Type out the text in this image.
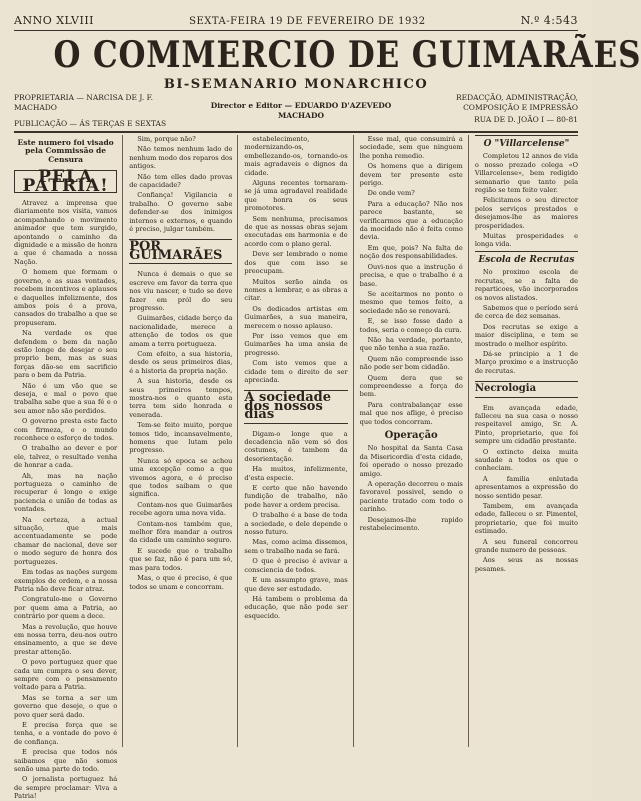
ANNO XLVIII	SEXTA-FEIRA 19 DE FEVEREIRO DE 1932	N.º 4:543
O COMMERCIO DE GUIMARÃES
BI-SEMANARIO MONARCHICO
PROPRIETARIA — NARCISA DE J. F. MACHADO
PUBLICAÇÃO — ÁS TERÇAS E SEXTAS
Director e Editor — EDUARDO D'AZEVEDO MACHADO
REDACÇÃO, ADMINISTRAÇÃO, COMPOSIÇÃO E IMPRESSÃO
RUA DE D. JOÃO I — 80-81
Este numero foi visado pela Commissão de Censura
PELA PATRIA!

Atravez a imprensa que diariamente nos visita, vamos acompanhando o movimento animador que tem surgido, apontando o caminho da dignidade e a missão de honra a que é chamada a nossa Nação.

O homem que formam o governo, e as suas vontades, recebem incentivos e aplausos e daquelles infelizmente, dos ambos pois é a prova, cansados do trabalho a que se propuseram.

Na verdade os que defendem o bem da nação estão longe de desejar o seu proprio bem, mas as suas forças dão-se em sacrificio para o bem da Patria.

Não é um vão que se deseja, e mal o povo que trabalha sabe que a sua fé e o seu amor não são perdidos.

O governo presta este facto com firmeza, e o mundo reconhece o esforço de todos.

O trabalho ao dever e por ele, talvez, o resultado venha de honrar a cada.

Ah, mas na nação portugueza o caminho de recuperar é longo e exige paciencia e união de todas as vontades.

Na certeza, a actual situação, que mais accentuadamente se pode chamar de nacional, deve ser o modo seguro de honra dos portuguezes.

Em todas as nações surgem exemplos de ordem, e a nossa Patria não deve ficar atraz.

Congratulo-me o Governo por quem ama a Patria, ao contrário por quem a dece.

Mas a revolução, que houve em nossa terra, deu-nos outro ensinamento, a que se deve prestar attenção.

O povo portuguez quer que cada um cumpra o seu dever, sempre com o pensamento voltado para a Patria.

Mas se torna a ser um governo que deseje, o que o povo quer será dado.

E precisa força que se tenha, e a vontade do povo é de confiança.

E precisa que todos nós saibamos que não somos senão uma parte do todo.

O jornalista portuguez há de sempre proclamar: Viva a Patria!

Sim, porque não?

Não temos nenhum lado de nenhum modo dos reparos dos antigos.

Não tem elles dado provas de capacidade?

Confiança! Vigilancia e trabalho. O governo sabe defender-se dos inimigos internos e externos, e quando é preciso, julgar também.

POR GUIMARÃES

Nunca é demais o que se escreve em favor da terra que nos viu nascer, e tudo se deve fazer em pról do seu progresso.

Guimarães, cidade berço da nacionalidade, merece a attenção de todos os que amam a terra portugueza.

Com efeito, a sua historia, desde os seus primeiros dias, é a historia da propria nação.

A sua historia, desde os seus primeiros tempos, mostra-nos o quanto esta terra tem sido honrada e venerada.

Tem-se feito muito, porque temos tido, incansavelmente, homens que lutam pelo progresso.

Nunca só epoca se achou uma excepção como a que vivemos agora, e é preciso que todos saibam o que significa.

Contam-nos que Guimarães recebe agora uma nova vida.

Contam-nos também que, melhor fôra mandar a outros da cidade um caminho seguro.

E sucede que o trabalho que se faz, não é para um só, mas para todos.

Mas, o que é preciso, é que todos se unam e concorram.

estabelecimento, modernizando-os, embellezando-os, tornando-os mais agradaveis e dignos da cidade.

Alguns recentes tornaram-se já uma agradavel realidade que honra os seus promotores.

Sem nenhuma, precisamos de que as nossas obras sejam executadas em harmonia e de acordo com o plano geral.

Deve ser lembrado o nome dos que com isso se preocupam.

Muitos serão ainda os nomes a lembrar, e as obras a citar.

Os dedicados artistas em Guimarães, a sua maneira, merecem o nosso aplauso.

Por isso vemos que em Guimarães ha uma ansia de progresso.

Com isto vemos que a cidade tem o direito de ser apreciada.

A sociedade dos nossos dias

Digam-o longe que a decadencia não vem só dos costumes, é tambem da desorientação.

Ha muitos, infelizmente, d'esta especie.

E certo que não havendo fundição de trabalho, não pode haver a ordem precisa.

O trabalho é a base de toda a sociedade, e dele depende o nosso futuro.

Mas, como acima dissemos, sem o trabalho nada se fará.

O que é preciso é avivar a consciencia de todos.

E um assumpto grave, mas que deve ser estudado.

Há tambem o problema da educação, que não pode ser esquecido.

Esse mal, que consumirá a sociedade, sem que ninguem lhe ponha remedio.

Os homens que a dirigem devem ter presente este perigo.

De onde vem?

Para a educação? Não nos parece bastante, se verificarmos que a educação da mocidade não é feita como devia.

Em que, pois? Na falta de noção dos responsabilidades.

Ouvi-nos que a instrução é precisa, e que o trabalho é a base.

Se aceitarmos no ponto o mesmo que temos feito, a sociedade não se renovará.

E, se isso fosse dado a todos, seria o começo da cura.

Não ha verdade, portanto, que não tenha a sua razão.

Quem não compreende isso não pode ser bom cidadão.

Quem dera que se compreendesse a força do bem.

Para contrabalançar esse mal que nos aflige, é preciso que todos concorram.

Operação

No hospital da Santa Casa da Misericordia d'esta cidade, foi operado o nosso prezado amigo.

A operação decorreu o mais favoravel possivel, sendo o paciente tratado com todo o carinho.

Desejamos-lhe rapido restabelecimento.

O "Villarcelense"

Completou 12 annos de vida o nosso prezado colega «O Villarcelense», bem redigido semanario que tanto pela região se tem feito valer.

Felicitamos o seu director pelos serviços prestados e desejamos-lhe as maiores prosperidades.

Muitas prosperidades e longa vida.

Escola de Recrutas

No proximo escola de recrutas, se a falta de reparticoes, vão incorporados os novos alistados.

Sabemos que o período será de cerca de dez semanas.

Dos recrutas se exige a maior disciplina, e tem se mostrado o melhor espírito.

Dá-se principio a 1 de Março proximo e a instrucção de recrutas.

Necrologia

Em avançada edade, falleceu na sua casa o nosso respeitavel amigo, Sr. A. Pinto, proprietario, que foi sempre um cidadão prestante.

O extincto deixa muita saudade a todos os que o conheciam.

A familia enlutada apresentamos a expressão do nosso sentido pesar.

Tambem, em avançada edade, falleceu o sr. Pimentel, proprietario, que foi muito estimado.

A seu funeral concorreu grande numero de pessoas.

Aos seus as nossas pesames.
